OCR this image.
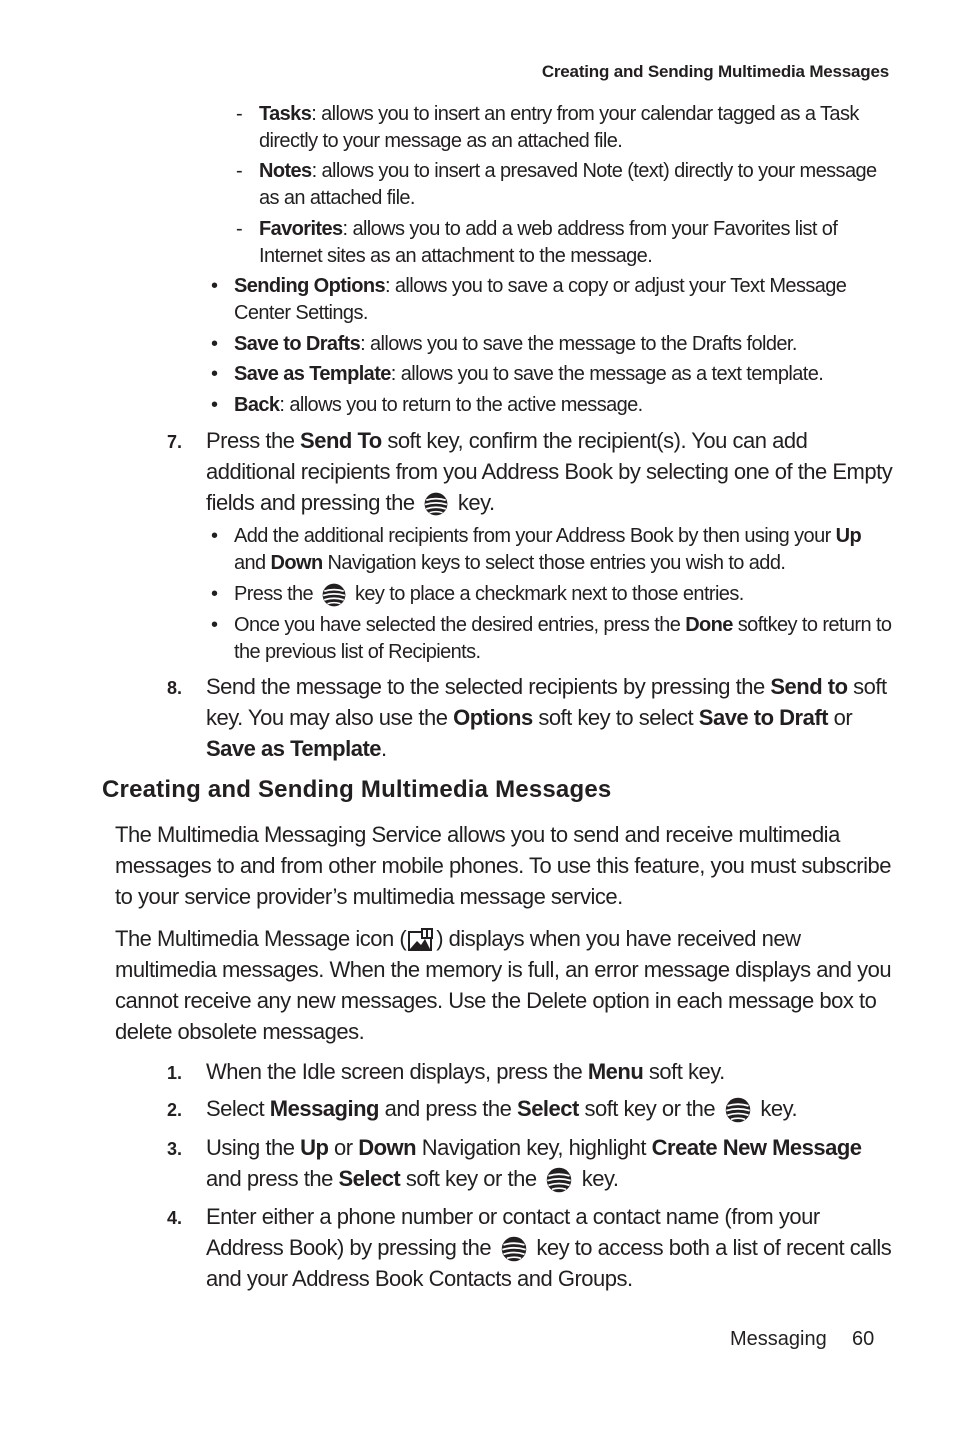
Creating and Sending Multimedia Messages
- Tasks: allows you to insert an entry from your calendar tagged as a Task directly to your message as an attached file.
- Notes: allows you to insert a presaved Note (text) directly to your message as an attached file.
- Favorites: allows you to add a web address from your Favorites list of Internet sites as an attachment to the message.
• Sending Options: allows you to save a copy or adjust your Text Message Center Settings.
• Save to Drafts: allows you to save the message to the Drafts folder.
• Save as Template: allows you to save the message as a text template.
• Back: allows you to return to the active message.
7. Press the Send To soft key, confirm the recipient(s). You can add additional recipients from you Address Book by selecting one of the Empty fields and pressing the  key.
• Add the additional recipients from your Address Book by then using your Up and Down Navigation keys to select those entries you wish to add.
• Press the  key to place a checkmark next to those entries.
• Once you have selected the desired entries, press the Done softkey to return to the previous list of Recipients.
8. Send the message to the selected recipients by pressing the Send to soft key. You may also use the Options soft key to select Save to Draft or Save as Template.
Creating and Sending Multimedia Messages
The Multimedia Messaging Service allows you to send and receive multimedia messages to and from other mobile phones. To use this feature, you must subscribe to your service provider’s multimedia message service.
The Multimedia Message icon ( ) displays when you have received new multimedia messages. When the memory is full, an error message displays and you cannot receive any new messages. Use the Delete option in each message box to delete obsolete messages.
1. When the Idle screen displays, press the Menu soft key.
2. Select Messaging and press the Select soft key or the  key.
3. Using the Up or Down Navigation key, highlight Create New Message and press the Select soft key or the  key.
4. Enter either a phone number or contact a contact name (from your Address Book) by pressing the  key to access both a list of recent calls and your Address Book Contacts and Groups.
Messaging 60
